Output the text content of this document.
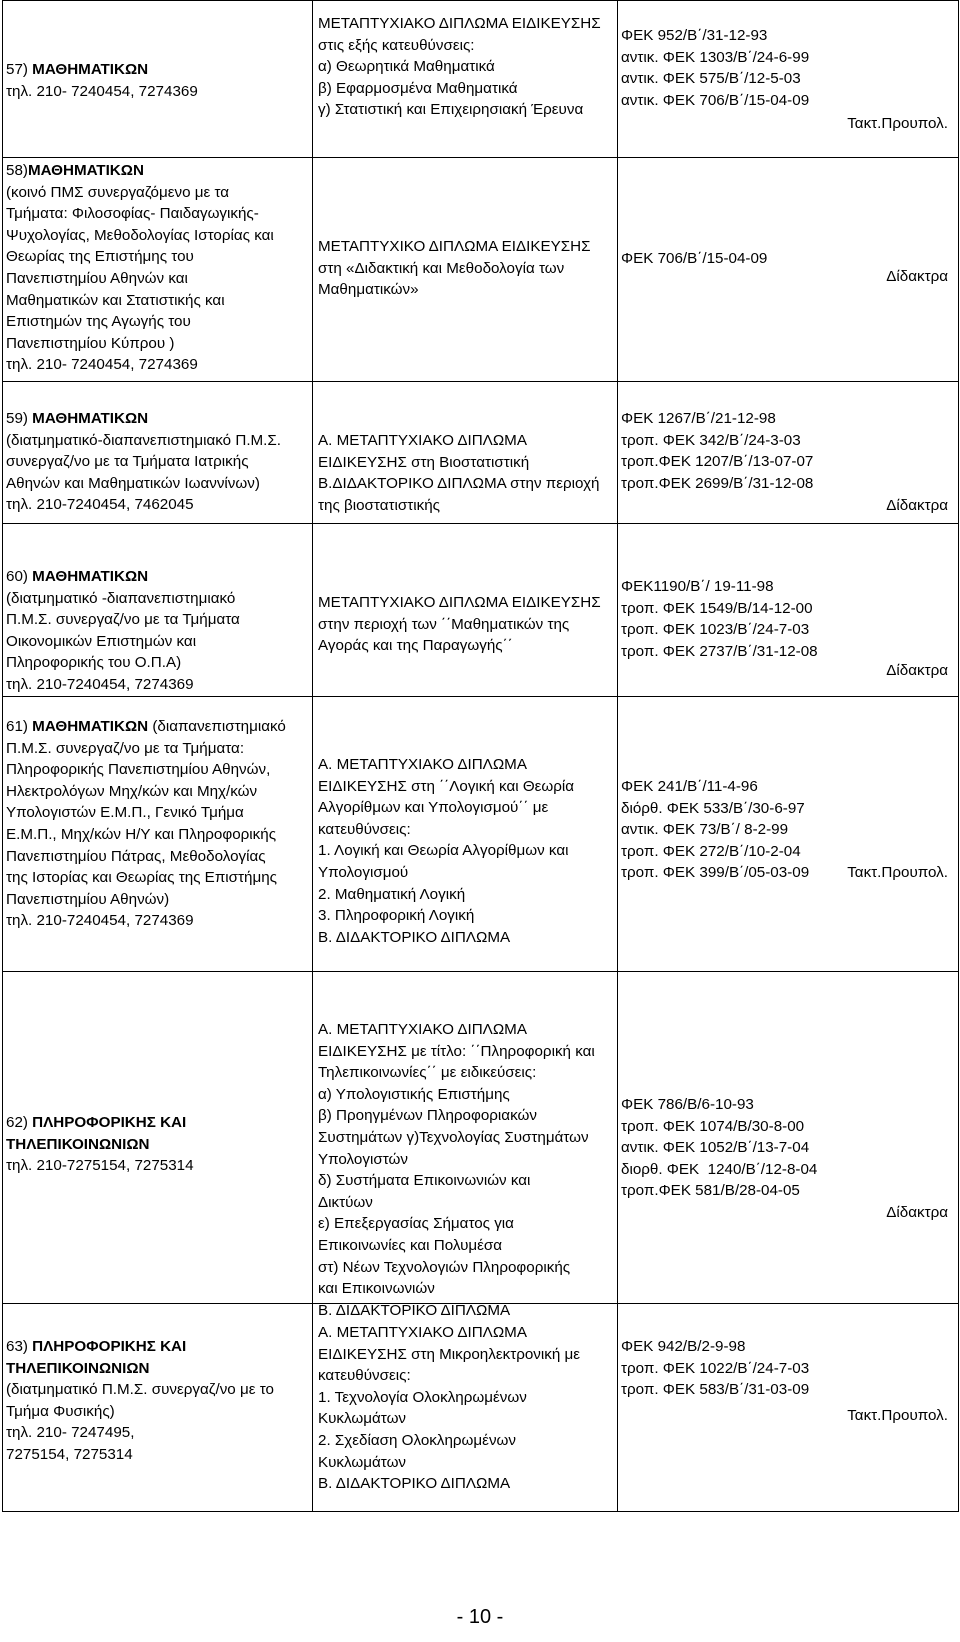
57) ΜΑΘΗΜΑΤΙΚΩΝ
τηλ. 210- 7240454, 7274369
ΜΕΤΑΠΤΥΧΙΑΚΟ ΔΙΠΛΩΜΑ ΕΙΔΙΚΕΥΣΗΣ
στις εξής κατευθύνσεις:
α) Θεωρητικά Μαθηματικά
β) Εφαρμοσμένα Μαθηματικά
γ) Στατιστική και Επιχειρησιακή Έρευνα
ΦΕΚ 952/Β΄/31-12-93
αντικ. ΦΕΚ 1303/Β΄/24-6-99
αντικ. ΦΕΚ 575/Β΄/12-5-03
αντικ. ΦΕΚ 706/Β΄/15-04-09
Τακτ.Προυπολ.
58)ΜΑΘΗΜΑΤΙΚΩΝ
(κοινό ΠΜΣ συνεργαζόμενο με τα
Τμήματα: Φιλοσοφίας- Παιδαγωγικής-
Ψυχολογίας, Μεθοδολογίας Ιστορίας και
Θεωρίας της Επιστήμης του
Πανεπιστημίου Αθηνών και
Μαθηματικών και Στατιστικής και
Επιστημών της Αγωγής του
Πανεπιστημίου Κύπρου )
τηλ. 210- 7240454, 7274369
ΜΕΤΑΠΤΥΧΙΚΟ ΔΙΠΛΩΜΑ ΕΙΔΙΚΕΥΣΗΣ
στη «Διδακτική και Μεθοδολογία των
Μαθηματικών»
ΦΕΚ 706/Β΄/15-04-09
Δίδακτρα
59) ΜΑΘΗΜΑΤΙΚΩΝ
(διατμηματικό-διαπανεπιστημιακό Π.Μ.Σ.
συνεργαζ/νο με τα Τμήματα Ιατρικής
Αθηνών και Μαθηματικών Ιωαννίνων)
τηλ. 210-7240454, 7462045
Α. ΜΕΤΑΠΤΥΧΙΑΚΟ ΔΙΠΛΩΜΑ
ΕΙΔΙΚΕΥΣΗΣ στη Βιοστατιστική
Β.ΔΙΔΑΚΤΟΡΙΚΟ ΔΙΠΛΩΜΑ στην περιοχή
της βιοστατιστικής
ΦΕΚ 1267/Β΄/21-12-98
τροπ. ΦΕΚ 342/Β΄/24-3-03
τροπ.ΦΕΚ 1207/Β΄/13-07-07
τροπ.ΦΕΚ 2699/Β΄/31-12-08
Δίδακτρα
60) ΜΑΘΗΜΑΤΙΚΩΝ
(διατμηματικό -διαπανεπιστημιακό
Π.Μ.Σ. συνεργαζ/νο με τα Τμήματα
Οικονομικών Επιστημών και
Πληροφορικής του Ο.Π.Α)
τηλ. 210-7240454, 7274369
ΜΕΤΑΠΤΥΧΙΑΚΟ ΔΙΠΛΩΜΑ ΕΙΔΙΚΕΥΣΗΣ
στην περιοχή των ΄΄Μαθηματικών της
Αγοράς και της Παραγωγής΄΄
ΦΕΚ1190/Β΄/ 19-11-98
τροπ. ΦΕΚ 1549/Β/14-12-00
τροπ. ΦΕΚ 1023/Β΄/24-7-03
τροπ. ΦΕΚ 2737/Β΄/31-12-08
Δίδακτρα
61) ΜΑΘΗΜΑΤΙΚΩΝ (διαπανεπιστημιακό
Π.Μ.Σ. συνεργαζ/νο με τα Τμήματα:
Πληροφορικής Πανεπιστημίου Αθηνών,
Ηλεκτρολόγων Μηχ/κών και Μηχ/κών
Υπολογιστών Ε.Μ.Π., Γενικό Τμήμα
Ε.Μ.Π., Μηχ/κών Η/Υ και Πληροφορικής
Πανεπιστημίου Πάτρας, Μεθοδολογίας
της Ιστορίας και Θεωρίας της Επιστήμης
Πανεπιστημίου Αθηνών)
τηλ. 210-7240454, 7274369
Α. ΜΕΤΑΠΤΥΧΙΑΚΟ ΔΙΠΛΩΜΑ
ΕΙΔΙΚΕΥΣΗΣ στη ΄΄Λογική και Θεωρία
Αλγορίθμων και Υπολογισμού΄΄ με
κατευθύνσεις:
1. Λογική και Θεωρία Αλγορίθμων και
Υπολογισμού
2. Μαθηματική Λογική
3. Πληροφορική Λογική
Β. ΔΙΔΑΚΤΟΡΙΚΟ ΔΙΠΛΩΜΑ
ΦΕΚ 241/Β΄/11-4-96
διόρθ. ΦΕΚ 533/Β΄/30-6-97
αντικ. ΦΕΚ 73/Β΄/ 8-2-99
τροπ. ΦΕΚ 272/Β΄/10-2-04
τροπ. ΦΕΚ 399/Β΄/05-03-09	Τακτ.Προυπολ.
62) ΠΛΗΡΟΦΟΡΙΚΗΣ ΚΑΙ
ΤΗΛΕΠΙΚΟΙΝΩΝΙΩΝ
τηλ. 210-7275154, 7275314
Α. ΜΕΤΑΠΤΥΧΙΑΚΟ ΔΙΠΛΩΜΑ
ΕΙΔΙΚΕΥΣΗΣ με τίτλο: ΄΄Πληροφορική και
Τηλεπικοινωνίες΄΄ με ειδικεύσεις:
α) Υπολογιστικής Επιστήμης
β) Προηγμένων Πληροφοριακών
Συστημάτων γ)Τεχνολογίας Συστημάτων
Υπολογιστών
δ) Συστήματα Επικοινωνιών και
Δικτύων
ε) Επεξεργασίας Σήματος για
Επικοινωνίες και Πολυμέσα
στ) Νέων Τεχνολογιών Πληροφορικής
και Επικοινωνιών
Β. ΔΙΔΑΚΤΟΡΙΚΟ ΔΙΠΛΩΜΑ
ΦΕΚ 786/Β/6-10-93
τροπ. ΦΕΚ 1074/Β/30-8-00
αντικ. ΦΕΚ 1052/Β΄/13-7-04
διορθ. ΦΕΚ  1240/Β΄/12-8-04
τροπ.ΦΕΚ 581/Β/28-04-05
Δίδακτρα
63) ΠΛΗΡΟΦΟΡΙΚΗΣ ΚΑΙ
ΤΗΛΕΠΙΚΟΙΝΩΝΙΩΝ
(διατμηματικό Π.Μ.Σ. συνεργαζ/νο με το
Τμήμα Φυσικής)
τηλ. 210- 7247495,
7275154, 7275314
Α. ΜΕΤΑΠΤΥΧΙΑΚΟ ΔΙΠΛΩΜΑ
ΕΙΔΙΚΕΥΣΗΣ στη Μικροηλεκτρονική με
κατευθύνσεις:
1. Τεχνολογία Ολοκληρωμένων
Κυκλωμάτων
2. Σχεδίαση Ολοκληρωμένων
Κυκλωμάτων
Β. ΔΙΔΑΚΤΟΡΙΚΟ ΔΙΠΛΩΜΑ
ΦΕΚ 942/Β/2-9-98
τροπ. ΦΕΚ 1022/Β΄/24-7-03
τροπ. ΦΕΚ 583/Β΄/31-03-09
Τακτ.Προυπολ.
- 10 -
